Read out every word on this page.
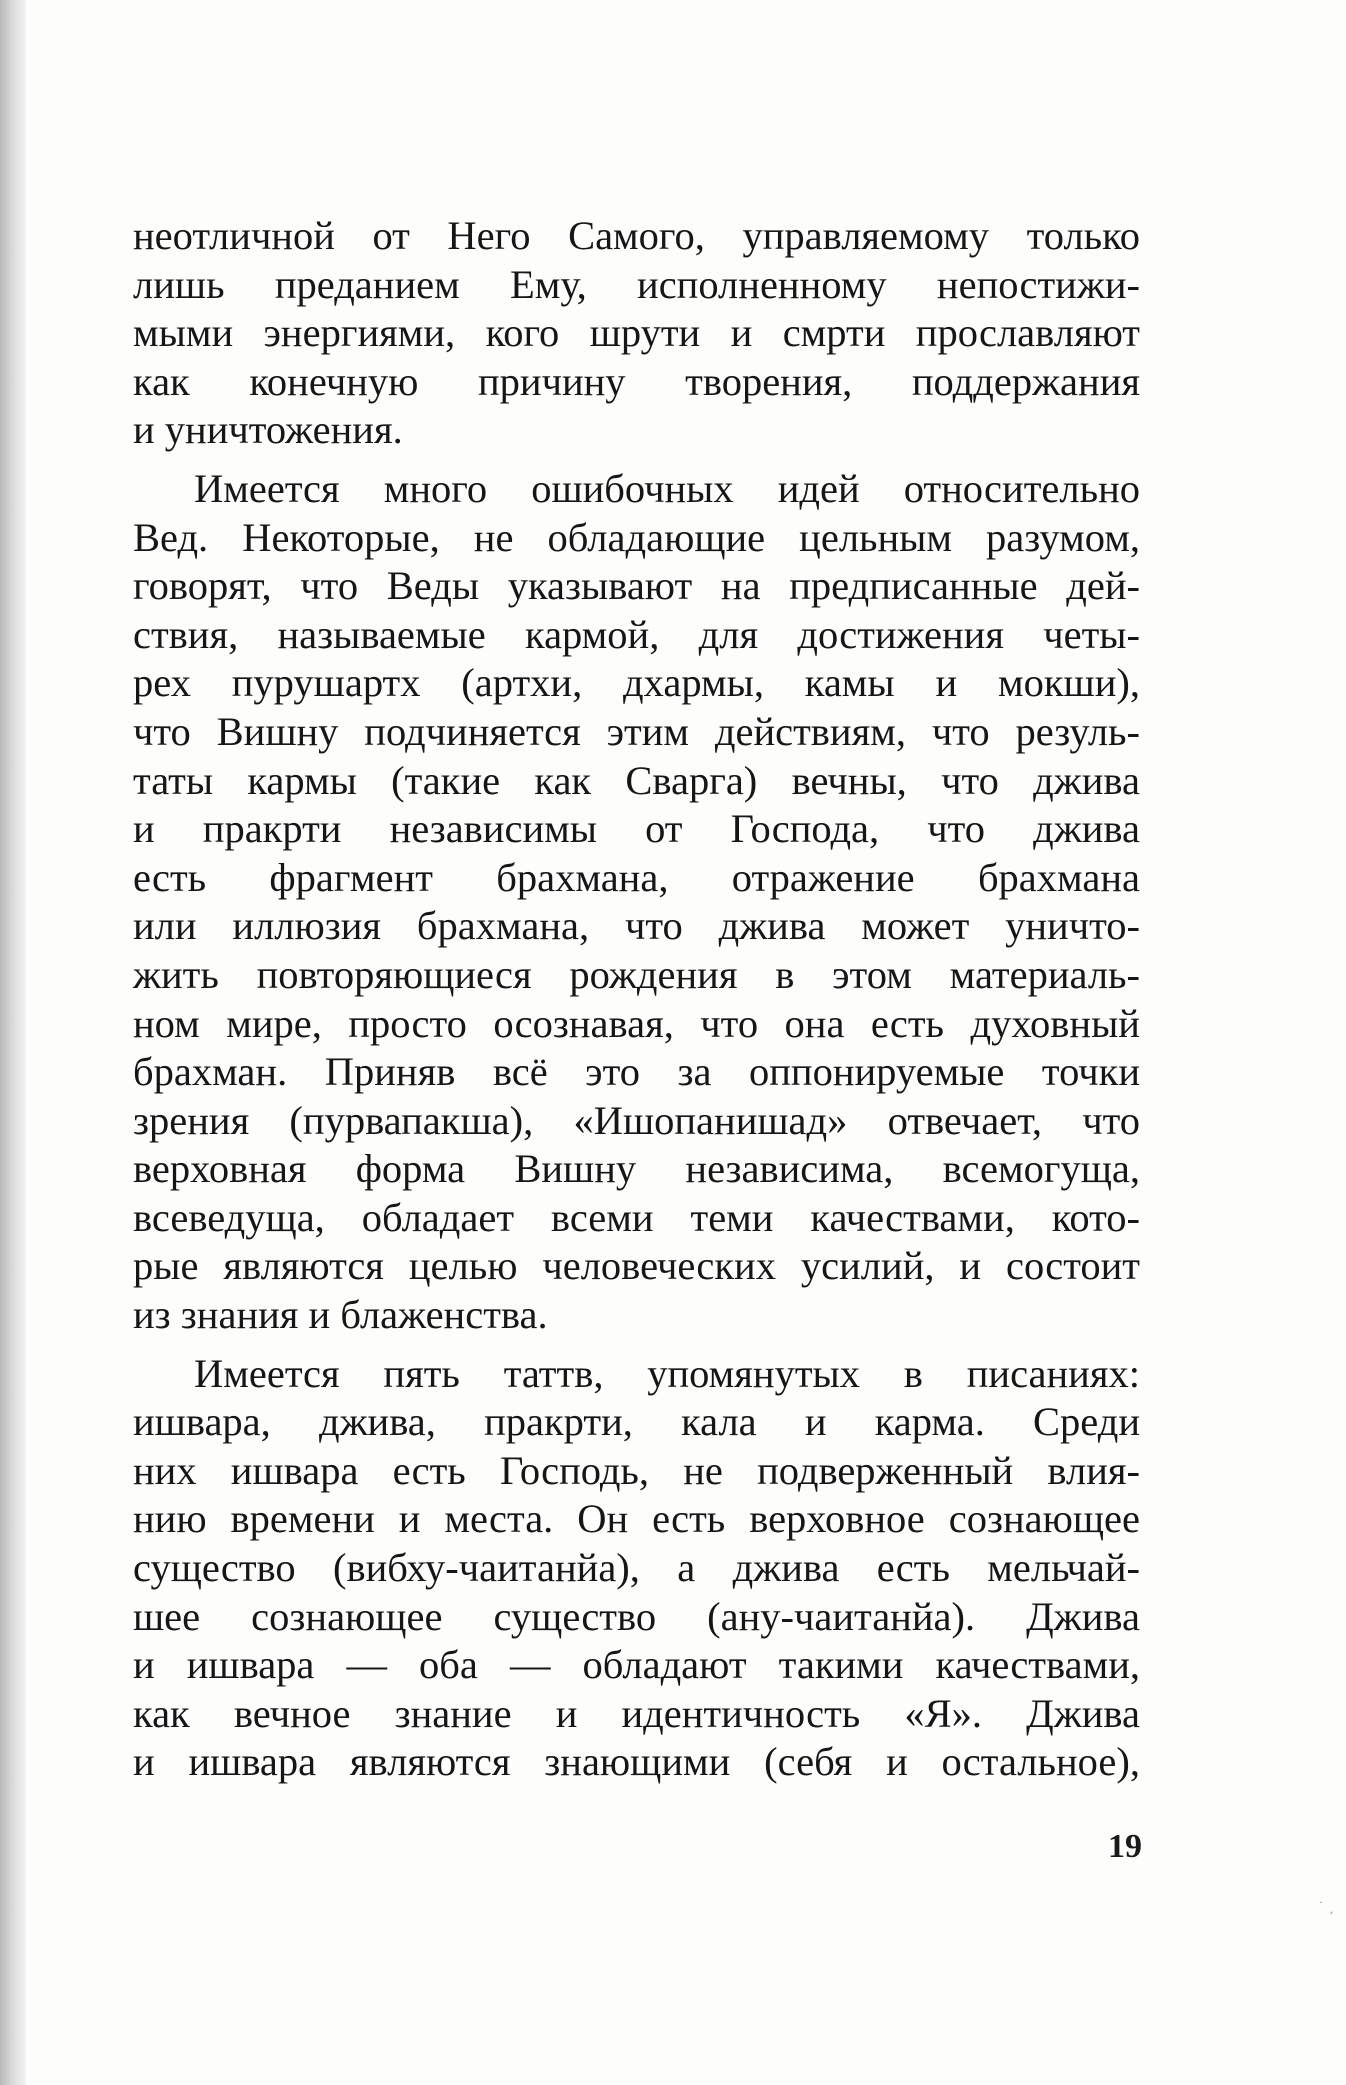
неотличной от Него Самого, управляемому только
лишь преданием Ему, исполненному непостижи-
мыми энергиями, кого шрути и смрти прославляют
как конечную причину творения, поддержания
и уничтожения.
Имеется много ошибочных идей относительно
Вед. Некоторые, не обладающие цельным разумом,
говорят, что Веды указывают на предписанные дей-
ствия, называемые кармой, для достижения четы-
рех пурушартх (артхи, дхармы, камы и мокши),
что Вишну подчиняется этим действиям, что резуль-
таты кармы (такие как Сварга) вечны, что джива
и пракрти независимы от Господа, что джива
есть фрагмент брахмана, отражение брахмана
или иллюзия брахмана, что джива может уничто-
жить повторяющиеся рождения в этом материаль-
ном мире, просто осознавая, что она есть духовный
брахман. Приняв всё это за оппонируемые точки
зрения (пурвапакша), «Ишопанишад» отвечает, что
верховная форма Вишну независима, всемогуща,
всеведуща, обладает всеми теми качествами, кото-
рые являются целью человеческих усилий, и состоит
из знания и блаженства.
Имеется пять таттв, упомянутых в писаниях:
ишвара, джива, пракрти, кала и карма. Среди
них ишвара есть Господь, не подверженный влия-
нию времени и места. Он есть верховное сознающее
существо (вибху-чаитанйа), а джива есть мельчай-
шее сознающее существо (ану-чаитанйа). Джива
и ишвара — оба — обладают такими качествами,
как вечное знание и идентичность «Я». Джива
и ишвара являются знающими (себя и остальное),
19
˙ ˏ
